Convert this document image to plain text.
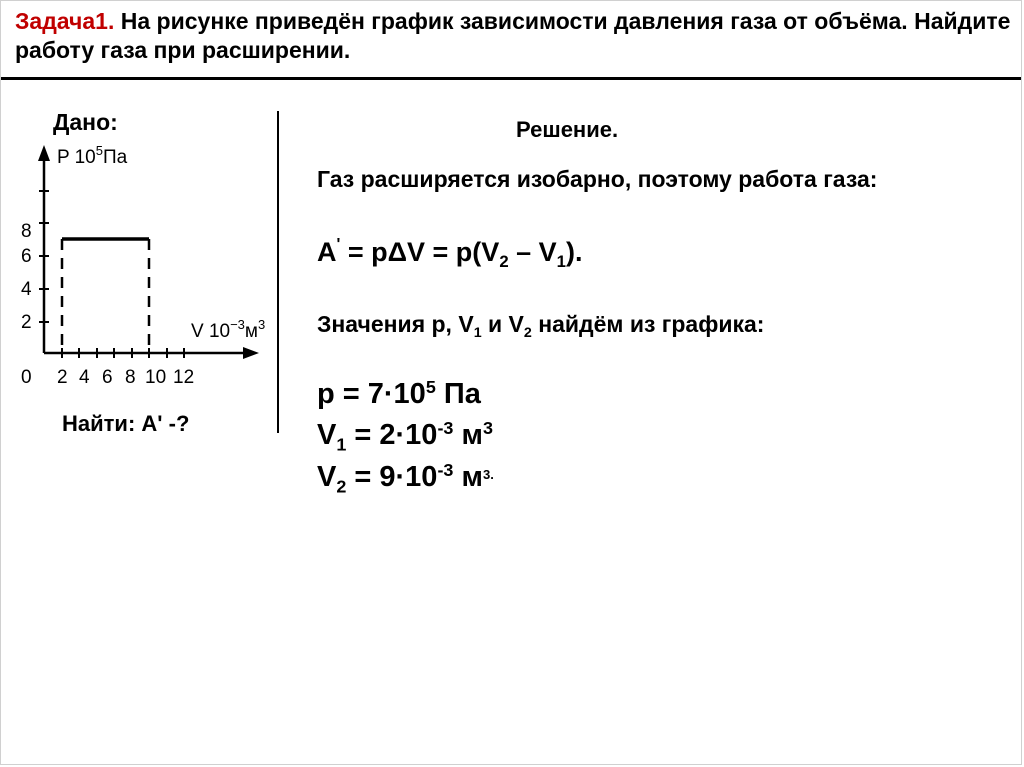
Задача1. На рисунке приведён график зависимости давления газа от объёма. Найдите работу газа при расширении.
Дано:
P $10^5Па$
V $10^{-3}м^3$
0
2
4
6
8
2 4 6 8 10 12
Найти: А' -?
Решение.
Газ расширяется изобарно, поэтому работа газа:
$А' = p\Delta V = p(V_2 - V_1)$.
Значения p, $V_1$ и $V_2$ найдём из графика:
$p = 7\cdot 10^5$ Па
$V_1 = 2\cdot 10^{-3}$ $м^3$
$V_2 = 9\cdot 10^{-3}$ $м^{3.}$
